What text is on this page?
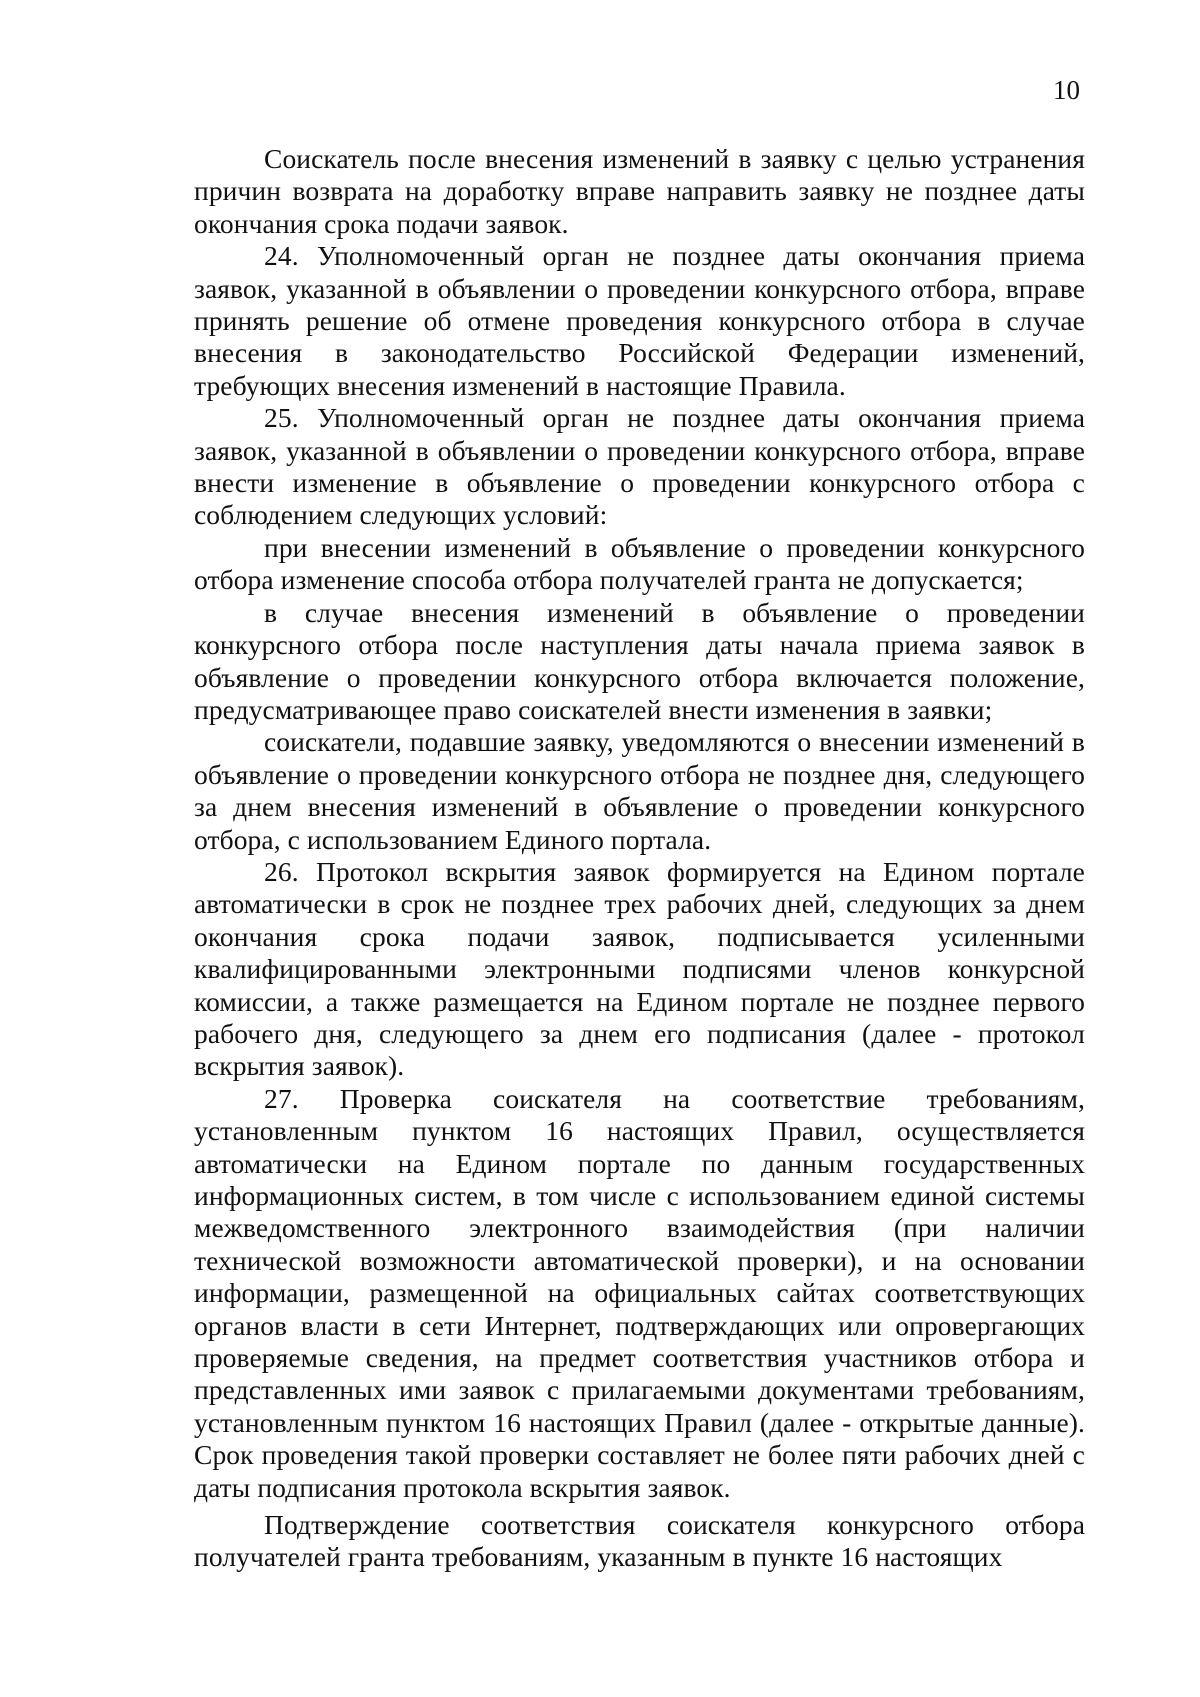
10

Соискатель после внесения изменений в заявку с целью устранения причин возврата на доработку вправе направить заявку не позднее даты окончания срока подачи заявок.

24. Уполномоченный орган не позднее даты окончания приема заявок, указанной в объявлении о проведении конкурсного отбора, вправе принять решение об отмене проведения конкурсного отбора в случае внесения в законодательство Российской Федерации изменений, требующих внесения изменений в настоящие Правила.

25. Уполномоченный орган не позднее даты окончания приема заявок, указанной в объявлении о проведении конкурсного отбора, вправе внести изменение в объявление о проведении конкурсного отбора с соблюдением следующих условий:

при внесении изменений в объявление о проведении конкурсного отбора изменение способа отбора получателей гранта не допускается;

в случае внесения изменений в объявление о проведении конкурсного отбора после наступления даты начала приема заявок в объявление о проведении конкурсного отбора включается положение, предусматривающее право соискателей внести изменения в заявки;

соискатели, подавшие заявку, уведомляются о внесении изменений в объявление о проведении конкурсного отбора не позднее дня, следующего за днем внесения изменений в объявление о проведении конкурсного отбора, с использованием Единого портала.

26. Протокол вскрытия заявок формируется на Едином портале автоматически в срок не позднее трех рабочих дней, следующих за днем окончания срока подачи заявок, подписывается усиленными квалифицированными электронными подписями членов конкурсной комиссии, а также размещается на Едином портале не позднее первого рабочего дня, следующего за днем его подписания (далее - протокол вскрытия заявок).

27. Проверка соискателя на соответствие требованиям, установленным пунктом 16 настоящих Правил, осуществляется автоматически на Едином портале по данным государственных информационных систем, в том числе с использованием единой системы межведомственного электронного взаимодействия (при наличии технической возможности автоматической проверки), и на основании информации, размещенной на официальных сайтах соответствующих органов власти в сети Интернет, подтверждающих или опровергающих проверяемые сведения, на предмет соответствия участников отбора и представленных ими заявок с прилагаемыми документами требованиям, установленным пунктом 16 настоящих Правил (далее - открытые данные). Срок проведения такой проверки составляет не более пяти рабочих дней с даты подписания протокола вскрытия заявок.

Подтверждение соответствия соискателя конкурсного отбора получателей гранта требованиям, указанным в пункте 16 настоящих
